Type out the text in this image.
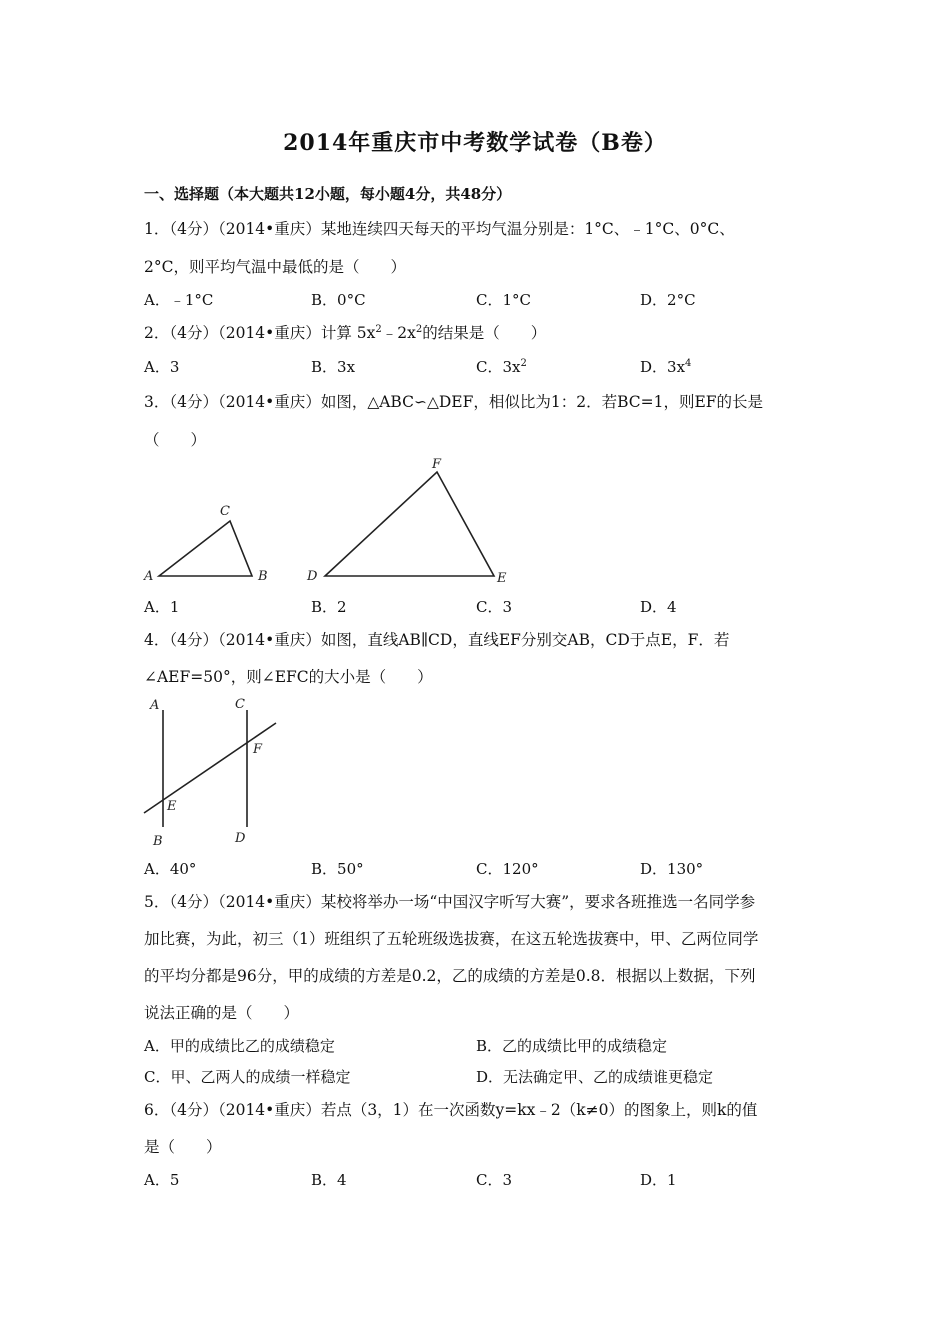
2014年重庆市中考数学试卷（B卷）
一、选择题（本大题共12小题，每小题4分，共48分）
1．（4分）（2014•重庆）某地连续四天每天的平均气温分别是：1°C、﹣1°C、0°C、
2°C，则平均气温中最低的是（　　）
A．﹣1°C	B．0°C	C．1°C	D．2°C
2．（4分）（2014•重庆）计算 $5x^2﹣2x^2$的结果是（　　）
A．3	B．3x	C．$3x^2$	D．$3x^4$
3．（4分）（2014•重庆）如图，△ABC∽△DEF，相似比为1：2．若BC=1，则EF的长是
（　　）
A	B
C
D	E
F
A．1	B．2	C．3	D．4
4．（4分）（2014•重庆）如图，直线AB∥CD，直线EF分别交AB，CD于点E，F．若
∠AEF=50°，则∠EFC的大小是（　　）
A
B
C
D
E
F
A．40°	B．50°	C．120°	D．130°
5．（4分）（2014•重庆）某校将举办一场“中国汉字听写大赛”，要求各班推选一名同学参
加比赛，为此，初三（1）班组织了五轮班级选拔赛，在这五轮选拔赛中，甲、乙两位同学
的平均分都是96分，甲的成绩的方差是0.2，乙的成绩的方差是0.8．根据以上数据，下列
说法正确的是（　　）
A．甲的成绩比乙的成绩稳定	B．乙的成绩比甲的成绩稳定
C．甲、乙两人的成绩一样稳定	D．无法确定甲、乙的成绩谁更稳定
6．（4分）（2014•重庆）若点（3，1）在一次函数y=kx﹣2（k≠0）的图象上，则k的值
是（　　）
A．5	B．4	C．3	D．1
